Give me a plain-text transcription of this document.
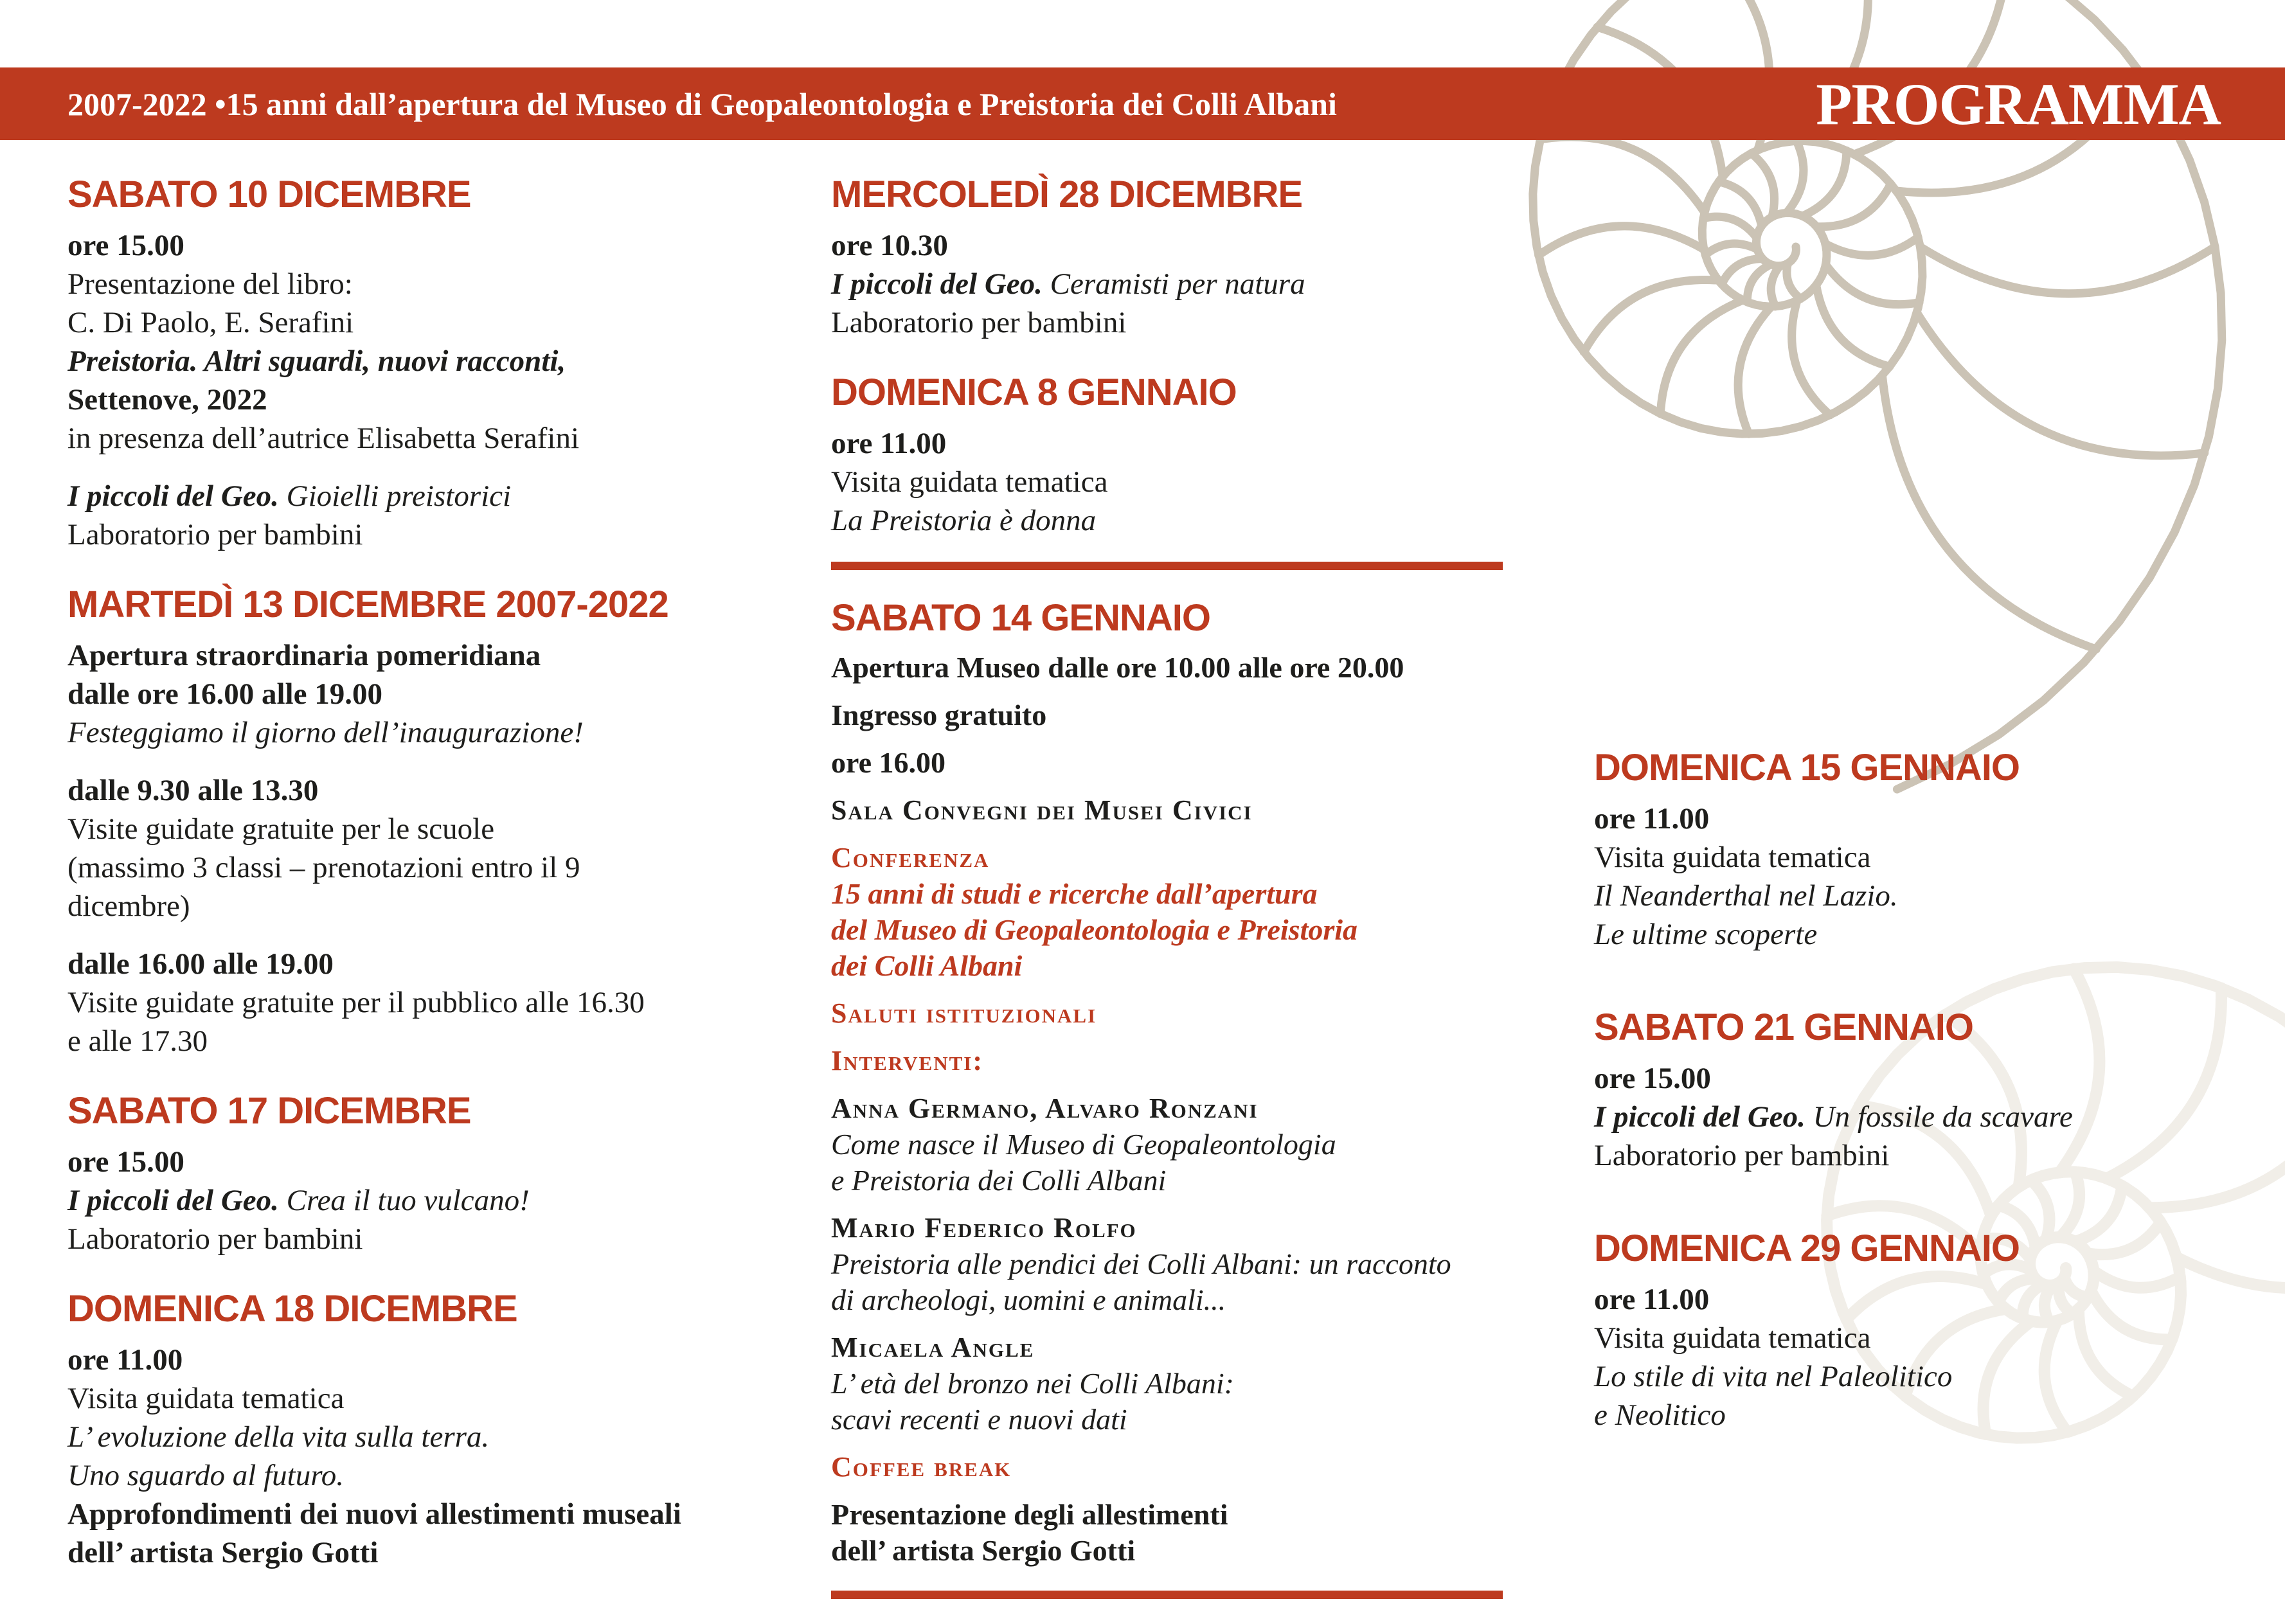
2007-2022 •15 anni dall’apertura del Museo di Geopaleontologia e Preistoria dei Colli Albani	PROGRAMMA
SABATO 10 DICEMBRE
ore 15.00
Presentazione del libro:
C. Di Paolo, E. Serafini
Preistoria. Altri sguardi, nuovi racconti,
Settenove, 2022
in presenza dell’autrice Elisabetta Serafini
I piccoli del Geo. Gioielli preistorici
Laboratorio per bambini
MARTEDÌ 13 DICEMBRE 2007-2022
Apertura straordinaria pomeridiana
dalle ore 16.00 alle 19.00
Festeggiamo il giorno dell’inaugurazione!
dalle 9.30 alle 13.30
Visite guidate gratuite per le scuole
(massimo 3 classi – prenotazioni entro il 9
dicembre)
dalle 16.00 alle 19.00
Visite guidate gratuite per il pubblico alle 16.30
e alle 17.30
SABATO 17 DICEMBRE
ore 15.00
I piccoli del Geo. Crea il tuo vulcano!
Laboratorio per bambini
DOMENICA 18 DICEMBRE
ore 11.00
Visita guidata tematica
L’ evoluzione della vita sulla terra.
Uno sguardo al futuro.
Approfondimenti dei nuovi allestimenti museali
dell’ artista Sergio Gotti
MERCOLEDÌ 28 DICEMBRE
ore 10.30
I piccoli del Geo. Ceramisti per natura
Laboratorio per bambini
DOMENICA 8 GENNAIO
ore 11.00
Visita guidata tematica
La Preistoria è donna
SABATO 14 GENNAIO
Apertura Museo dalle ore 10.00 alle ore 20.00
Ingresso gratuito
ore 16.00
Sala Convegni dei Musei Civici
Conferenza
15 anni di studi e ricerche dall’apertura
del Museo di Geopaleontologia e Preistoria
dei Colli Albani
Saluti istituzionali
Interventi:
Anna Germano, Alvaro Ronzani
Come nasce il Museo di Geopaleontologia
e Preistoria dei Colli Albani
Mario Federico Rolfo
Preistoria alle pendici dei Colli Albani: un racconto
di archeologi, uomini e animali...
Micaela Angle
L’ età del bronzo nei Colli Albani:
scavi recenti e nuovi dati
Coffee break
Presentazione degli allestimenti
dell’ artista Sergio Gotti
DOMENICA 15 GENNAIO
ore 11.00
Visita guidata tematica
Il Neanderthal nel Lazio.
Le ultime scoperte
SABATO 21 GENNAIO
ore 15.00
I piccoli del Geo. Un fossile da scavare
Laboratorio per bambini
DOMENICA 29 GENNAIO
ore 11.00
Visita guidata tematica
Lo stile di vita nel Paleolitico
e Neolitico
